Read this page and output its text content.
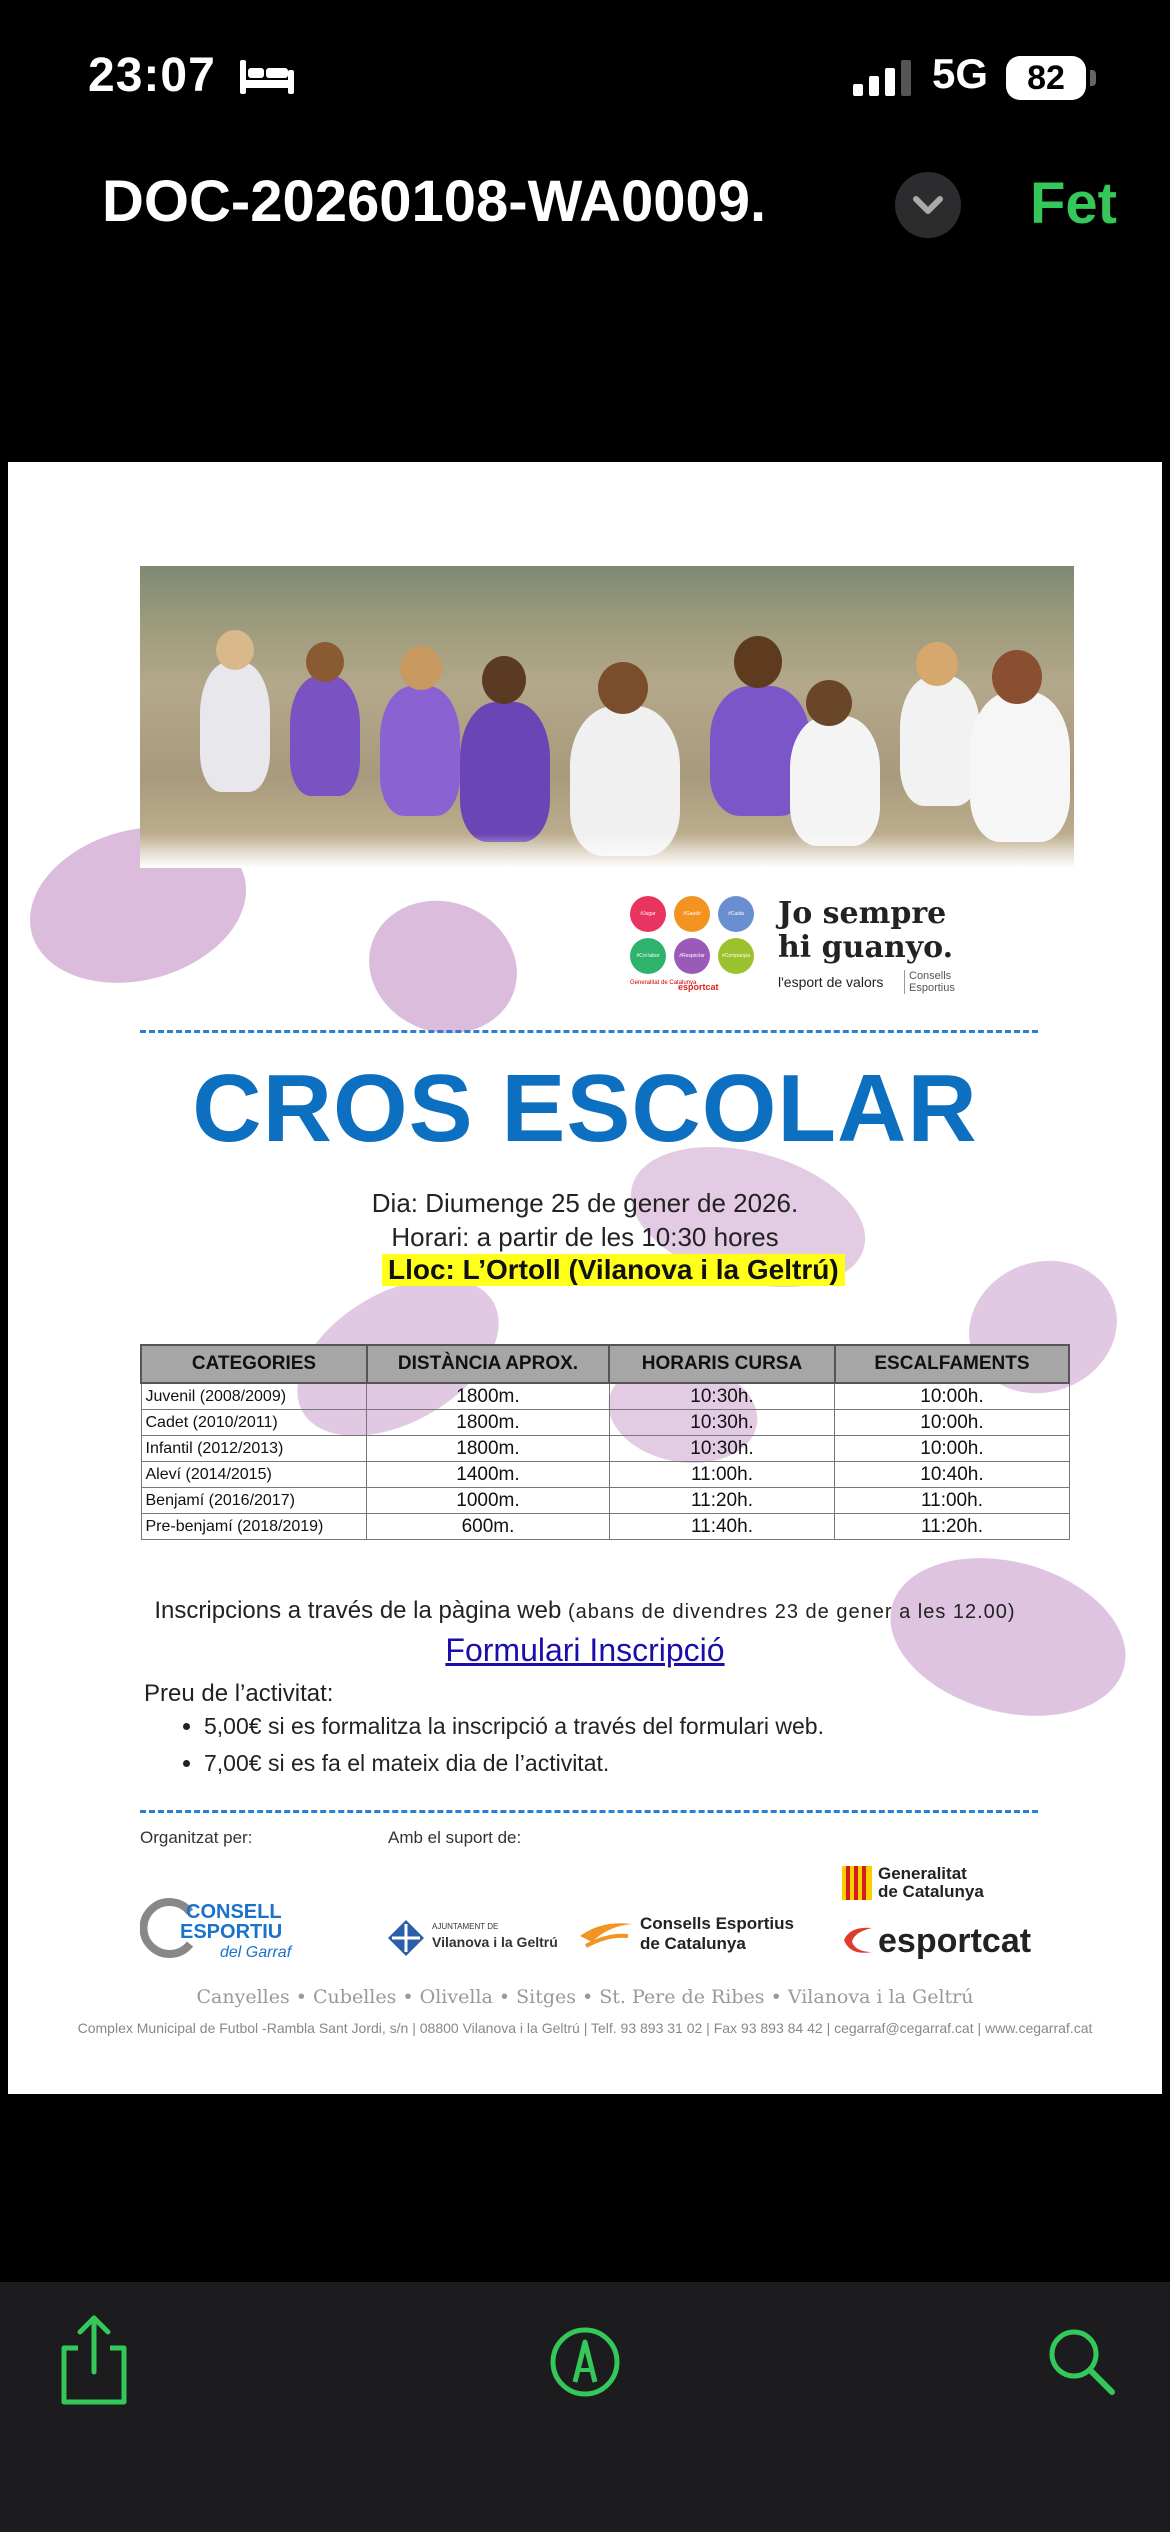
23:07	5G	82
DOC-20260108-WA0009.	Fet
#Jugar	#Gaudir	#Cuida
#Col·labor	#Respectar	#Companyia
Generalitat de Catalunya
esportcat
Jo sempre
hi guanyo.
l'esport de valors	Consells Esportius
CROS ESCOLAR
Dia: Diumenge 25 de gener de 2026.
Horari: a partir de les 10:30 hores
Lloc: L’Ortoll (Vilanova i la Geltrú)
CATEGORIES	DISTÀNCIA APROX.	HORARIS CURSA	ESCALFAMENTS
Juvenil (2008/2009)	1800m.	10:30h.	10:00h.
Cadet (2010/2011)	1800m.	10:30h.	10:00h.
Infantil (2012/2013)	1800m.	10:30h.	10:00h.
Aleví (2014/2015)	1400m.	11:00h.	10:40h.
Benjamí (2016/2017)	1000m.	11:20h.	11:00h.
Pre-benjamí (2018/2019)	600m.	11:40h.	11:20h.
Inscripcions a través de la pàgina web (abans de divendres 23 de gener a les 12.00)
Formulari Inscripció
Preu de l’activitat:
• 5,00€ si es formalitza la inscripció a través del formulari web.
• 7,00€ si es fa el mateix dia de l’activitat.
Organitzat per:	Amb el suport de:
CONSELL
ESPORTIU
del Garraf
AJUNTAMENT DE
Vilanova i la Geltrú
Consells Esportius
de Catalunya
Generalitat
de Catalunya
esportcat
Canyelles • Cubelles • Olivella • Sitges • St. Pere de Ribes • Vilanova i la Geltrú
Complex Municipal de Futbol -Rambla Sant Jordi, s/n | 08800 Vilanova i la Geltrú | Telf. 93 893 31 02 | Fax 93 893 84 42 | cegarraf@cegarraf.cat | www.cegarraf.cat
